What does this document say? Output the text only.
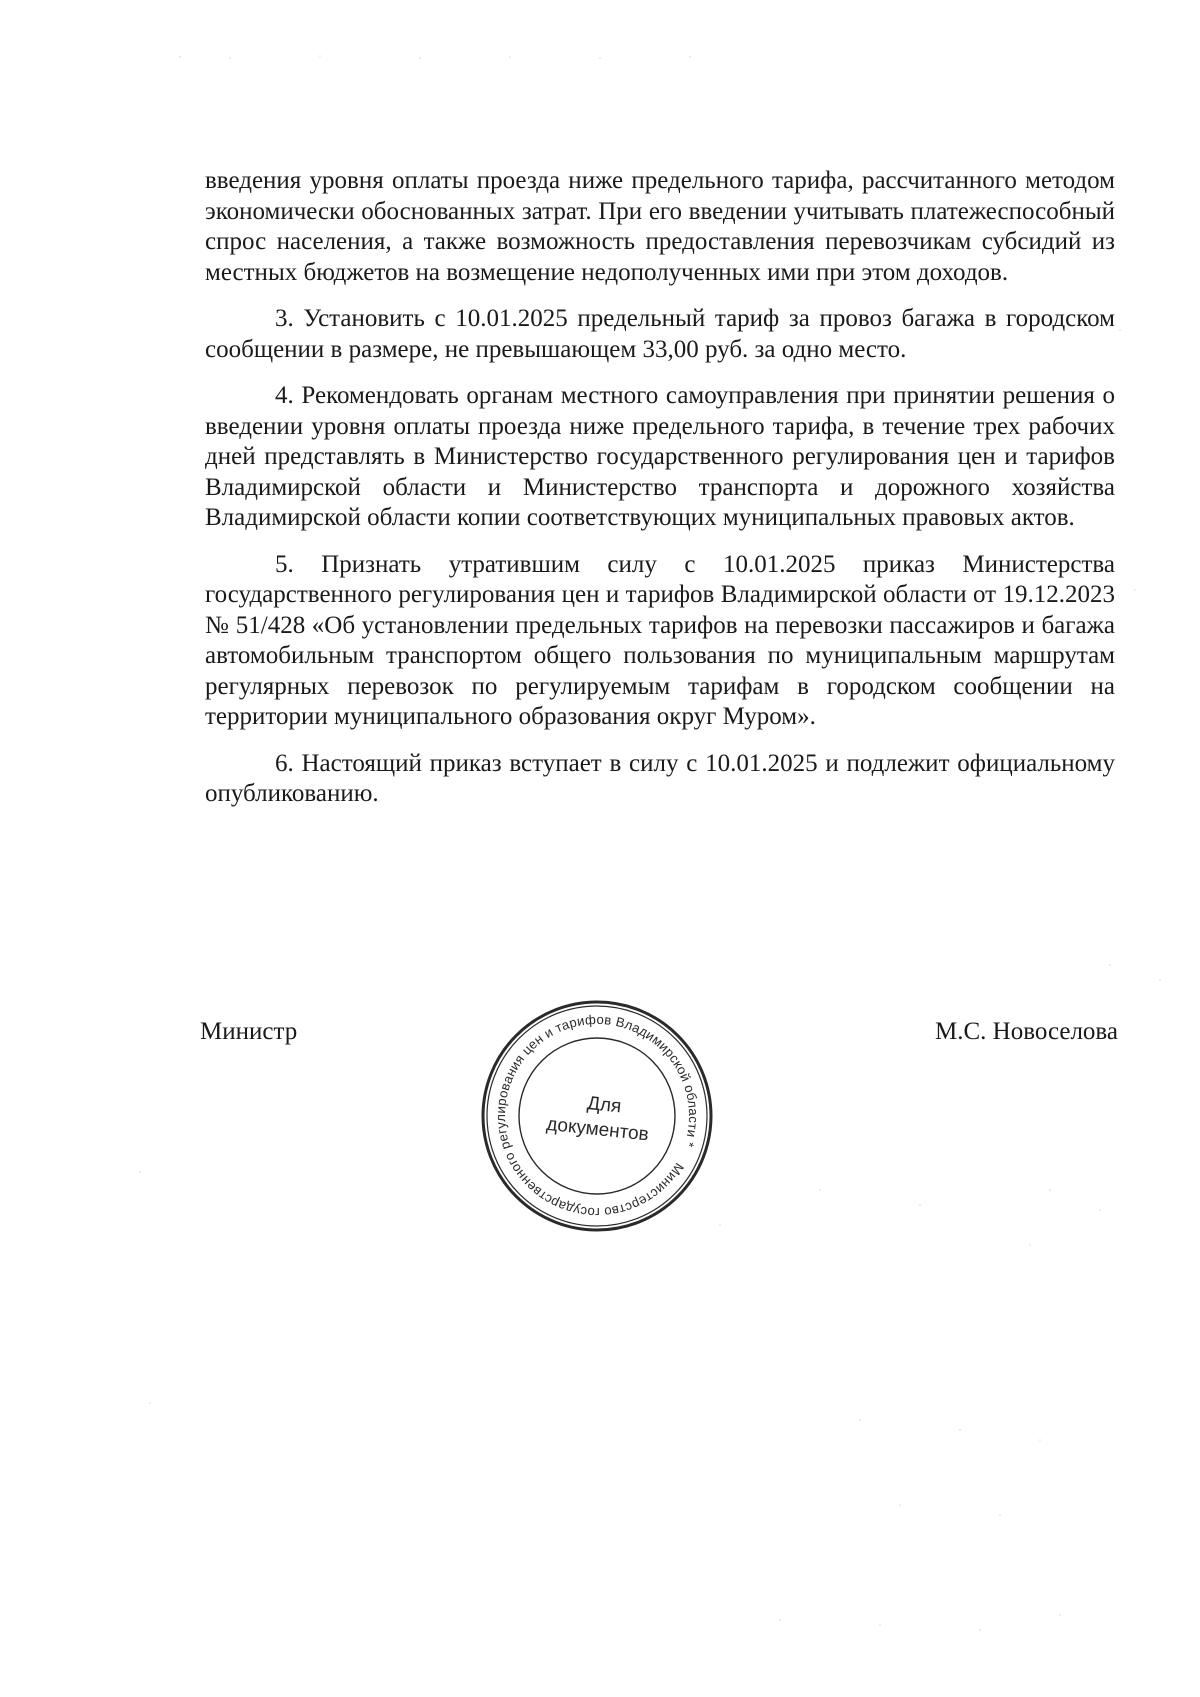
введения уровня оплаты проезда ниже предельного тарифа, рассчитанного методом экономически обоснованных затрат. При его введении учитывать платежеспособный спрос населения, а также возможность предоставления перевозчикам субсидий из местных бюджетов на возмещение недополученных ими при этом доходов.

3. Установить с 10.01.2025 предельный тариф за провоз багажа в городском сообщении в размере, не превышающем 33,00 руб. за одно место.

4. Рекомендовать органам местного самоуправления при принятии решения о введении уровня оплаты проезда ниже предельного тарифа, в течение трех рабочих дней представлять в Министерство государственного регулирования цен и тарифов Владимирской области и Министерство транспорта и дорожного хозяйства Владимирской области копии соответствующих муниципальных правовых актов.

5. Признать утратившим силу с 10.01.2025 приказ Министерства государственного регулирования цен и тарифов Владимирской области от 19.12.2023 № 51/428 «Об установлении предельных тарифов на перевозки пассажиров и багажа автомобильным транспортом общего пользования по муниципальным маршрутам регулярных перевозок по регулируемым тарифам в городском сообщении на территории муниципального образования округ Муром».

6. Настоящий приказ вступает в силу с 10.01.2025 и подлежит официальному опубликованию.

Министр	М.С. Новоселова
Министерство государственного регулирования цен и тарифов Владимирской области *
Для
документов
